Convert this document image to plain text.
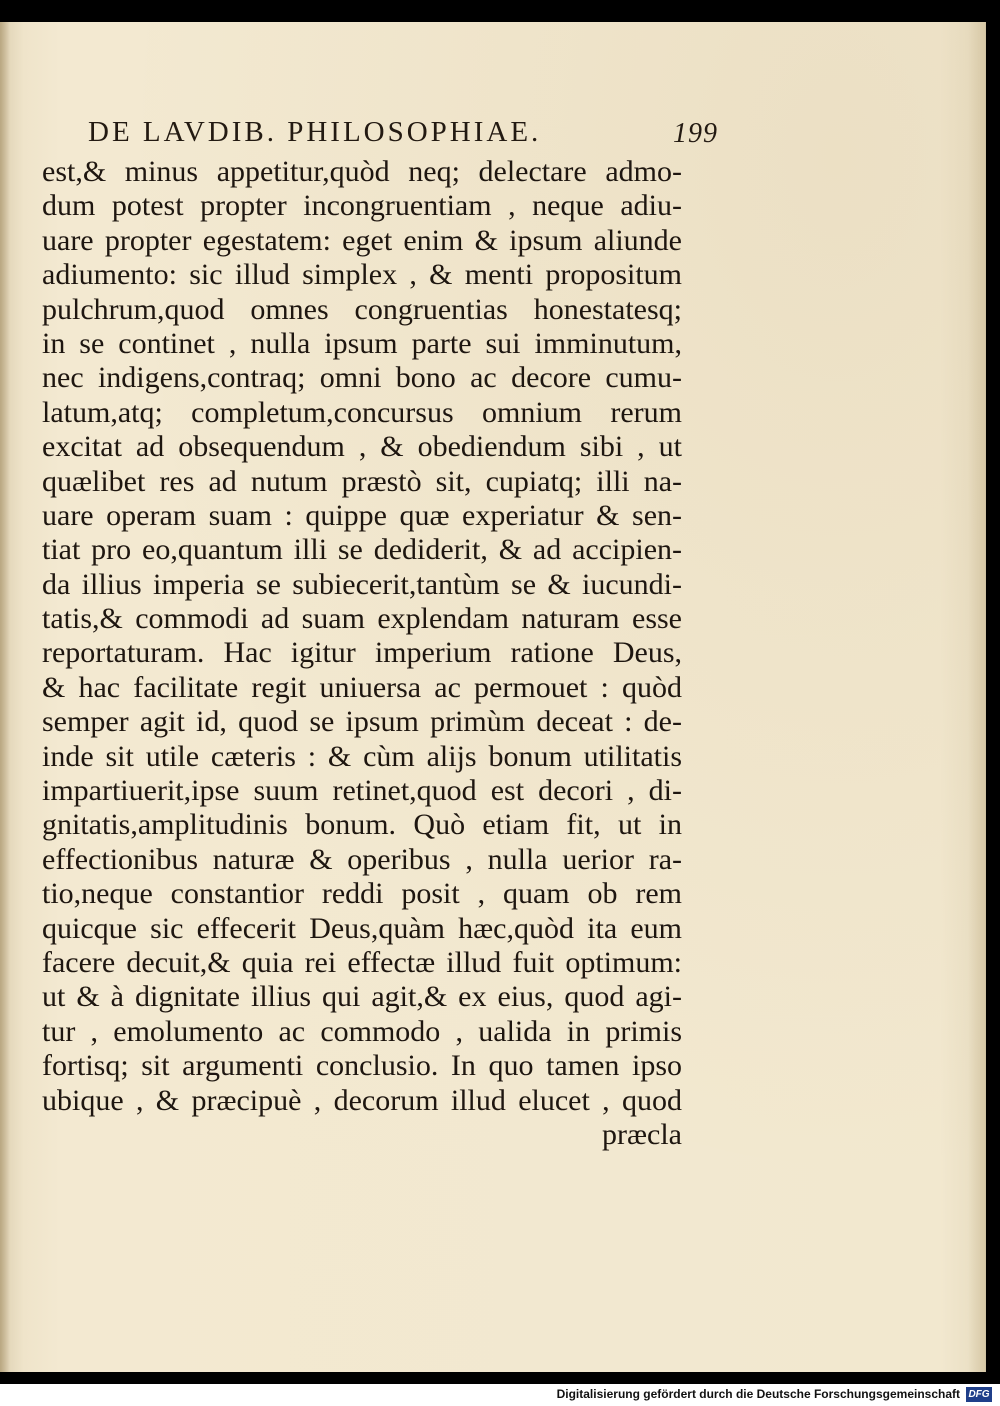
DE LAVDIB. PHILOSOPHIAE.	199
est,& minus appetitur,quòd neq; delectare admo-
dum potest propter incongruentiam , neque adiu-
uare propter egestatem: eget enim & ipsum aliunde
adiumento: sic illud simplex , & menti propositum
pulchrum,quod omnes congruentias honestatesq;
in se continet , nulla ipsum parte sui imminutum,
nec indigens,contraq; omni bono ac decore cumu-
latum,atq; completum,concursus omnium rerum
excitat ad obsequendum , & obediendum sibi , ut
quælibet res ad nutum præstò sit, cupiatq; illi na-
uare operam suam : quippe quæ experiatur & sen-
tiat pro eo,quantum illi se dediderit, & ad accipien-
da illius imperia se subiecerit,tantùm se & iucundi-
tatis,& commodi ad suam explendam naturam esse
reportaturam. Hac igitur imperium ratione Deus,
& hac facilitate regit uniuersa ac permouet : quòd
semper agit id, quod se ipsum primùm deceat : de-
inde sit utile cæteris : & cùm alijs bonum utilitatis
impartiuerit,ipse suum retinet,quod est decori , di-
gnitatis,amplitudinis bonum. Quò etiam fit, ut in
effectionibus naturæ & operibus , nulla uerior ra-
tio,neque constantior reddi posit , quam ob rem
quicque sic effecerit Deus,quàm hæc,quòd ita eum
facere decuit,& quia rei effectæ illud fuit optimum:
ut & à dignitate illius qui agit,& ex eius, quod agi-
tur , emolumento ac commodo , ualida in primis
fortisq; sit argumenti conclusio. In quo tamen ipso
ubique , & præcipuè , decorum illud elucet , quod
præcla
Digitalisierung gefördert durch die Deutsche Forschungsgemeinschaft DFG
